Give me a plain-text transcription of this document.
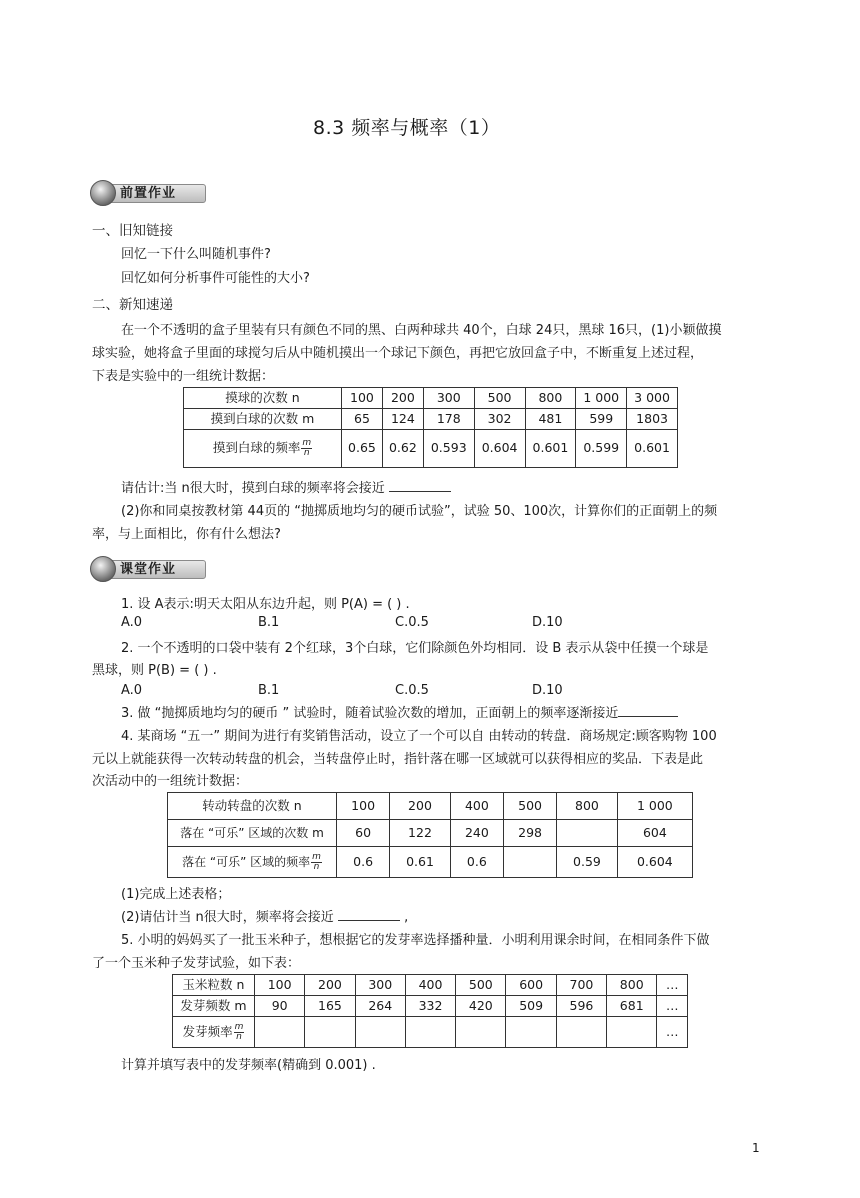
8.3 频率与概率（1）
前置作业
一、旧知链接
回忆一下什么叫随机事件?
回忆如何分析事件可能性的大小?
二、新知速递
在一个不透明的盒子里装有只有颜色不同的黑、白两种球共 40个，白球 24只，黑球 16只，(1)小颖做摸
球实验，她将盒子里面的球搅匀后从中随机摸出一个球记下颜色，再把它放回盒子中，不断重复上述过程，
下表是实验中的一组统计数据：
摸球的次数 n	100	200	300	500	800	1 000	3 000
摸到白球的次数 m	65	124	178	302	481	599	1803
摸到白球的频率 $\frac{m}{n}$	0.65	0.62	0.593	0.604	0.601	0.599	0.601
请估计:当 n很大时，摸到白球的频率将会接近
(2)你和同桌按教材第 44页的 “抛掷质地均匀的硬币试验”，试验 50、100次，计算你们的正面朝上的频
率，与上面相比，你有什么想法?
课堂作业
1. 设 A表示:明天太阳从东边升起，则 P(A) = ( ) .
A.0	B.1	C.0.5	D.10
2. 一个不透明的口袋中装有 2个红球，3个白球，它们除颜色外均相同．设 B 表示从袋中任摸一个球是
黑球，则 P(B) = ( ) .
A.0	B.1	C.0.5	D.10
3. 做 “抛掷质地均匀的硬币 ” 试验时，随着试验次数的增加，正面朝上的频率逐渐接近
4. 某商场 “五一” 期间为进行有奖销售活动，设立了一个可以自 由转动的转盘．商场规定:顾客购物 100
元以上就能获得一次转动转盘的机会，当转盘停止时，指针落在哪一区域就可以获得相应的奖品．下表是此
次活动中的一组统计数据：
转动转盘的次数 n	100	200	400	500	800	1 000
落在 “可乐” 区域的次数 m	60	122	240	298		604
落在 “可乐” 区域的频率 $\frac{m}{n}$	0.6	0.61	0.6		0.59	0.604
(1)完成上述表格；
(2)请估计当 n很大时，频率将会接近	,
5. 小明的妈妈买了一批玉米种子，想根据它的发芽率选择播种量．小明利用课余时间，在相同条件下做
了一个玉米种子发芽试验，如下表：
玉米粒数 n	100	200	300	400	500	600	700	800	…
发芽频数 m	90	165	264	332	420	509	596	681	…
发芽频率 $\frac{m}{n}$									…
计算并填写表中的发芽频率(精确到 0.001) .
1
